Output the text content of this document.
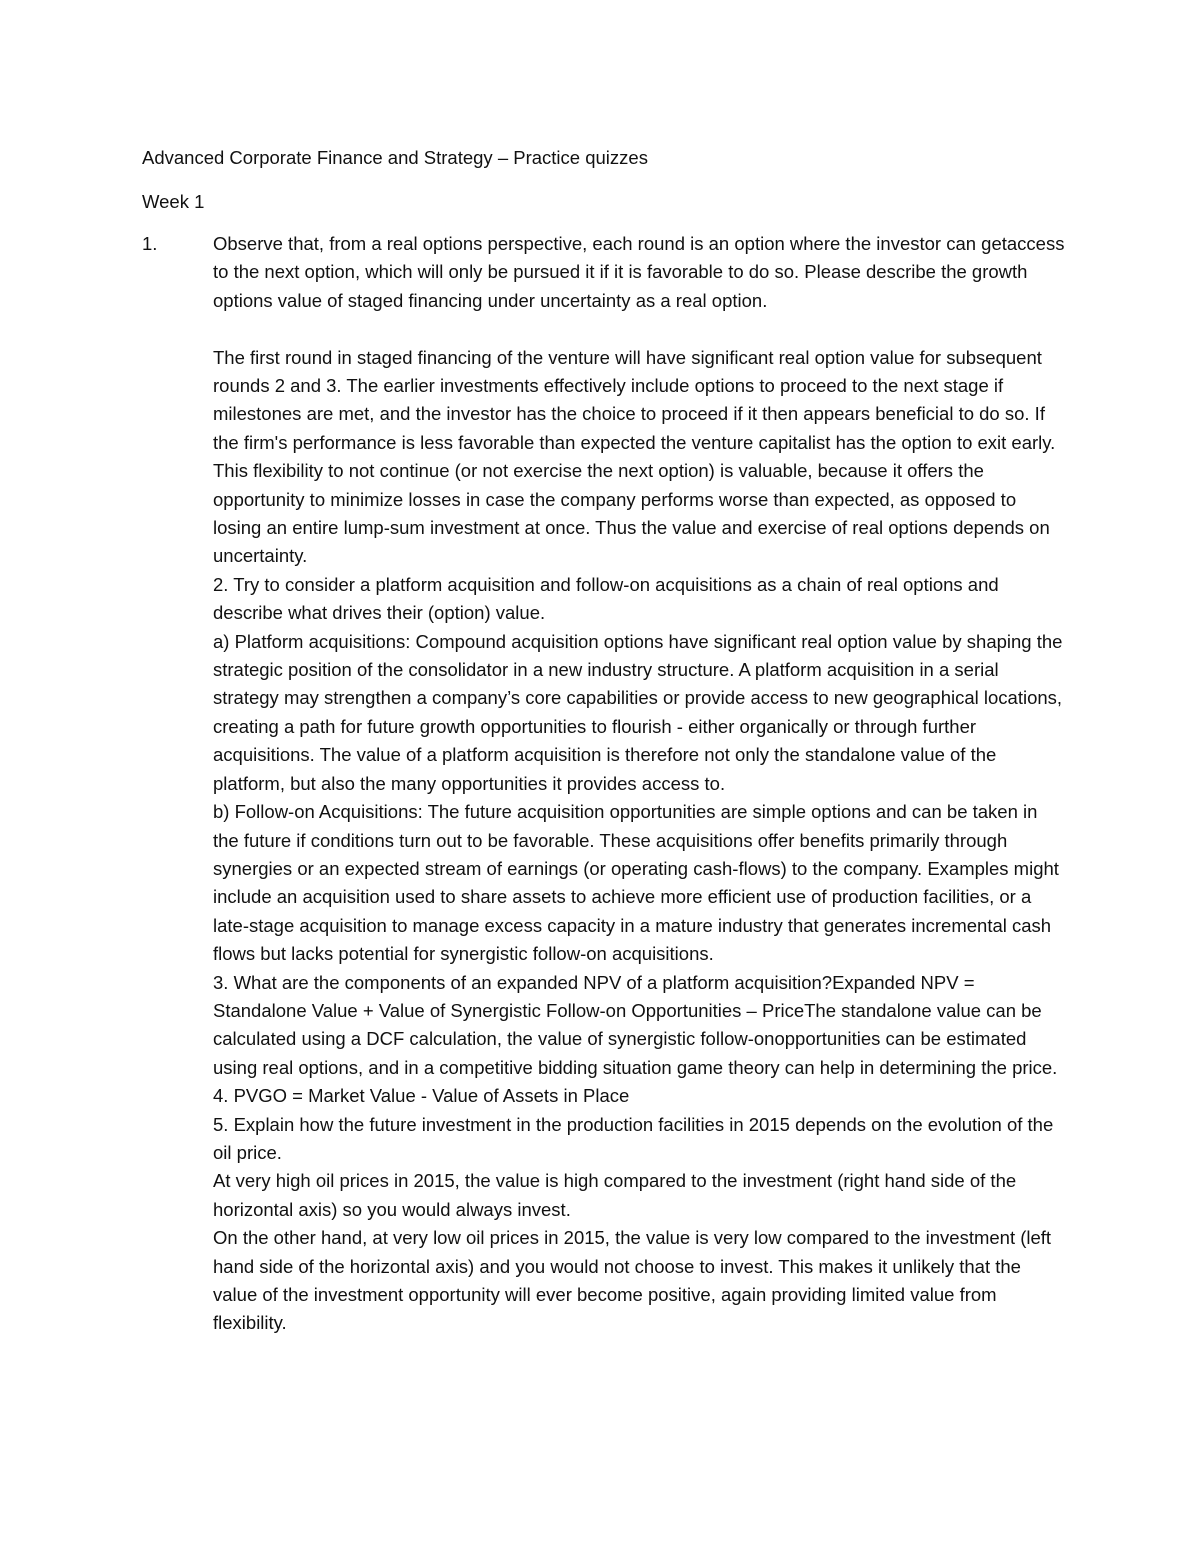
Advanced Corporate Finance and Strategy – Practice quizzes

Week 1

1.	Observe that, from a real options perspective, each round is an option where the investor can getaccess to the next option, which will only be pursued it if it is favorable to do so. Please describe the growth options value of staged financing under uncertainty as a real option.

The first round in staged financing of the venture will have significant real option value for subsequent rounds 2 and 3. The earlier investments effectively include options to proceed to the next stage if milestones are met, and the investor has the choice to proceed if it then appears beneficial to do so. If the firm's performance is less favorable than expected the venture capitalist has the option to exit early. This flexibility to not continue (or not exercise the next option) is valuable, because it offers the opportunity to minimize losses in case the company performs worse than expected, as opposed to losing an entire lump-sum investment at once. Thus the value and exercise of real options depends on uncertainty.

2. Try to consider a platform acquisition and follow-on acquisitions as a chain of real options and describe what drives their (option) value.

a) Platform acquisitions: Compound acquisition options have significant real option value by shaping the strategic position of the consolidator in a new industry structure. A platform acquisition in a serial strategy may strengthen a company’s core capabilities or provide access to new geographical locations, creating a path for future growth opportunities to flourish - either organically or through further acquisitions. The value of a platform acquisition is therefore not only the standalone value of the platform, but also the many opportunities it provides access to.

b) Follow-on Acquisitions: The future acquisition opportunities are simple options and can be taken in the future if conditions turn out to be favorable. These acquisitions offer benefits primarily through synergies or an expected stream of earnings (or operating cash-flows) to the company. Examples might include an acquisition used to share assets to achieve more efficient use of production facilities, or a late-stage acquisition to manage excess capacity in a mature industry that generates incremental cash flows but lacks potential for synergistic follow-on acquisitions.

3. What are the components of an expanded NPV of a platform acquisition?Expanded NPV = Standalone Value + Value of Synergistic Follow-on Opportunities – PriceThe standalone value can be calculated using a DCF calculation, the value of synergistic follow-onopportunities can be estimated using real options, and in a competitive bidding situation game theory can help in determining the price.

4. PVGO = Market Value - Value of Assets in Place

5. Explain how the future investment in the production facilities in 2015 depends on the evolution of the oil price.

At very high oil prices in 2015, the value is high compared to the investment (right hand side of the horizontal axis) so you would always invest.

On the other hand, at very low oil prices in 2015, the value is very low compared to the investment (left hand side of the horizontal axis) and you would not choose to invest. This makes it unlikely that the value of the investment opportunity will ever become positive, again providing limited value from flexibility.
